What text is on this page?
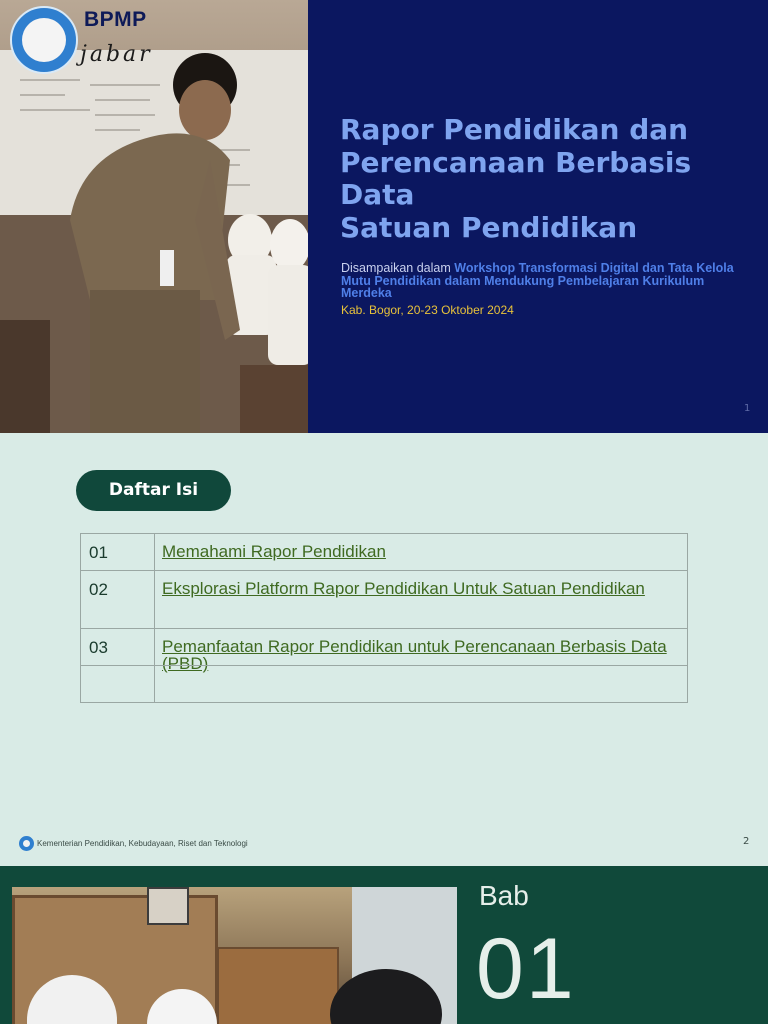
BPMP
jabar
Rapor Pendidikan dan
Perencanaan Berbasis
Data
Satuan Pendidikan
Disampaikan dalam Workshop Transformasi Digital dan Tata Kelola Mutu Pendidikan dalam Mendukung Pembelajaran Kurikulum Merdeka
Kab. Bogor, 20-23 Oktober 2024
1
Daftar Isi
01	Memahami Rapor Pendidikan
02	Eksplorasi Platform Rapor Pendidikan Untuk Satuan Pendidikan
03	Pemanfaatan Rapor Pendidikan untuk Perencanaan Berbasis Data (PBD)
Kementerian Pendidikan, Kebudayaan, Riset dan Teknologi	2
Bab
01
